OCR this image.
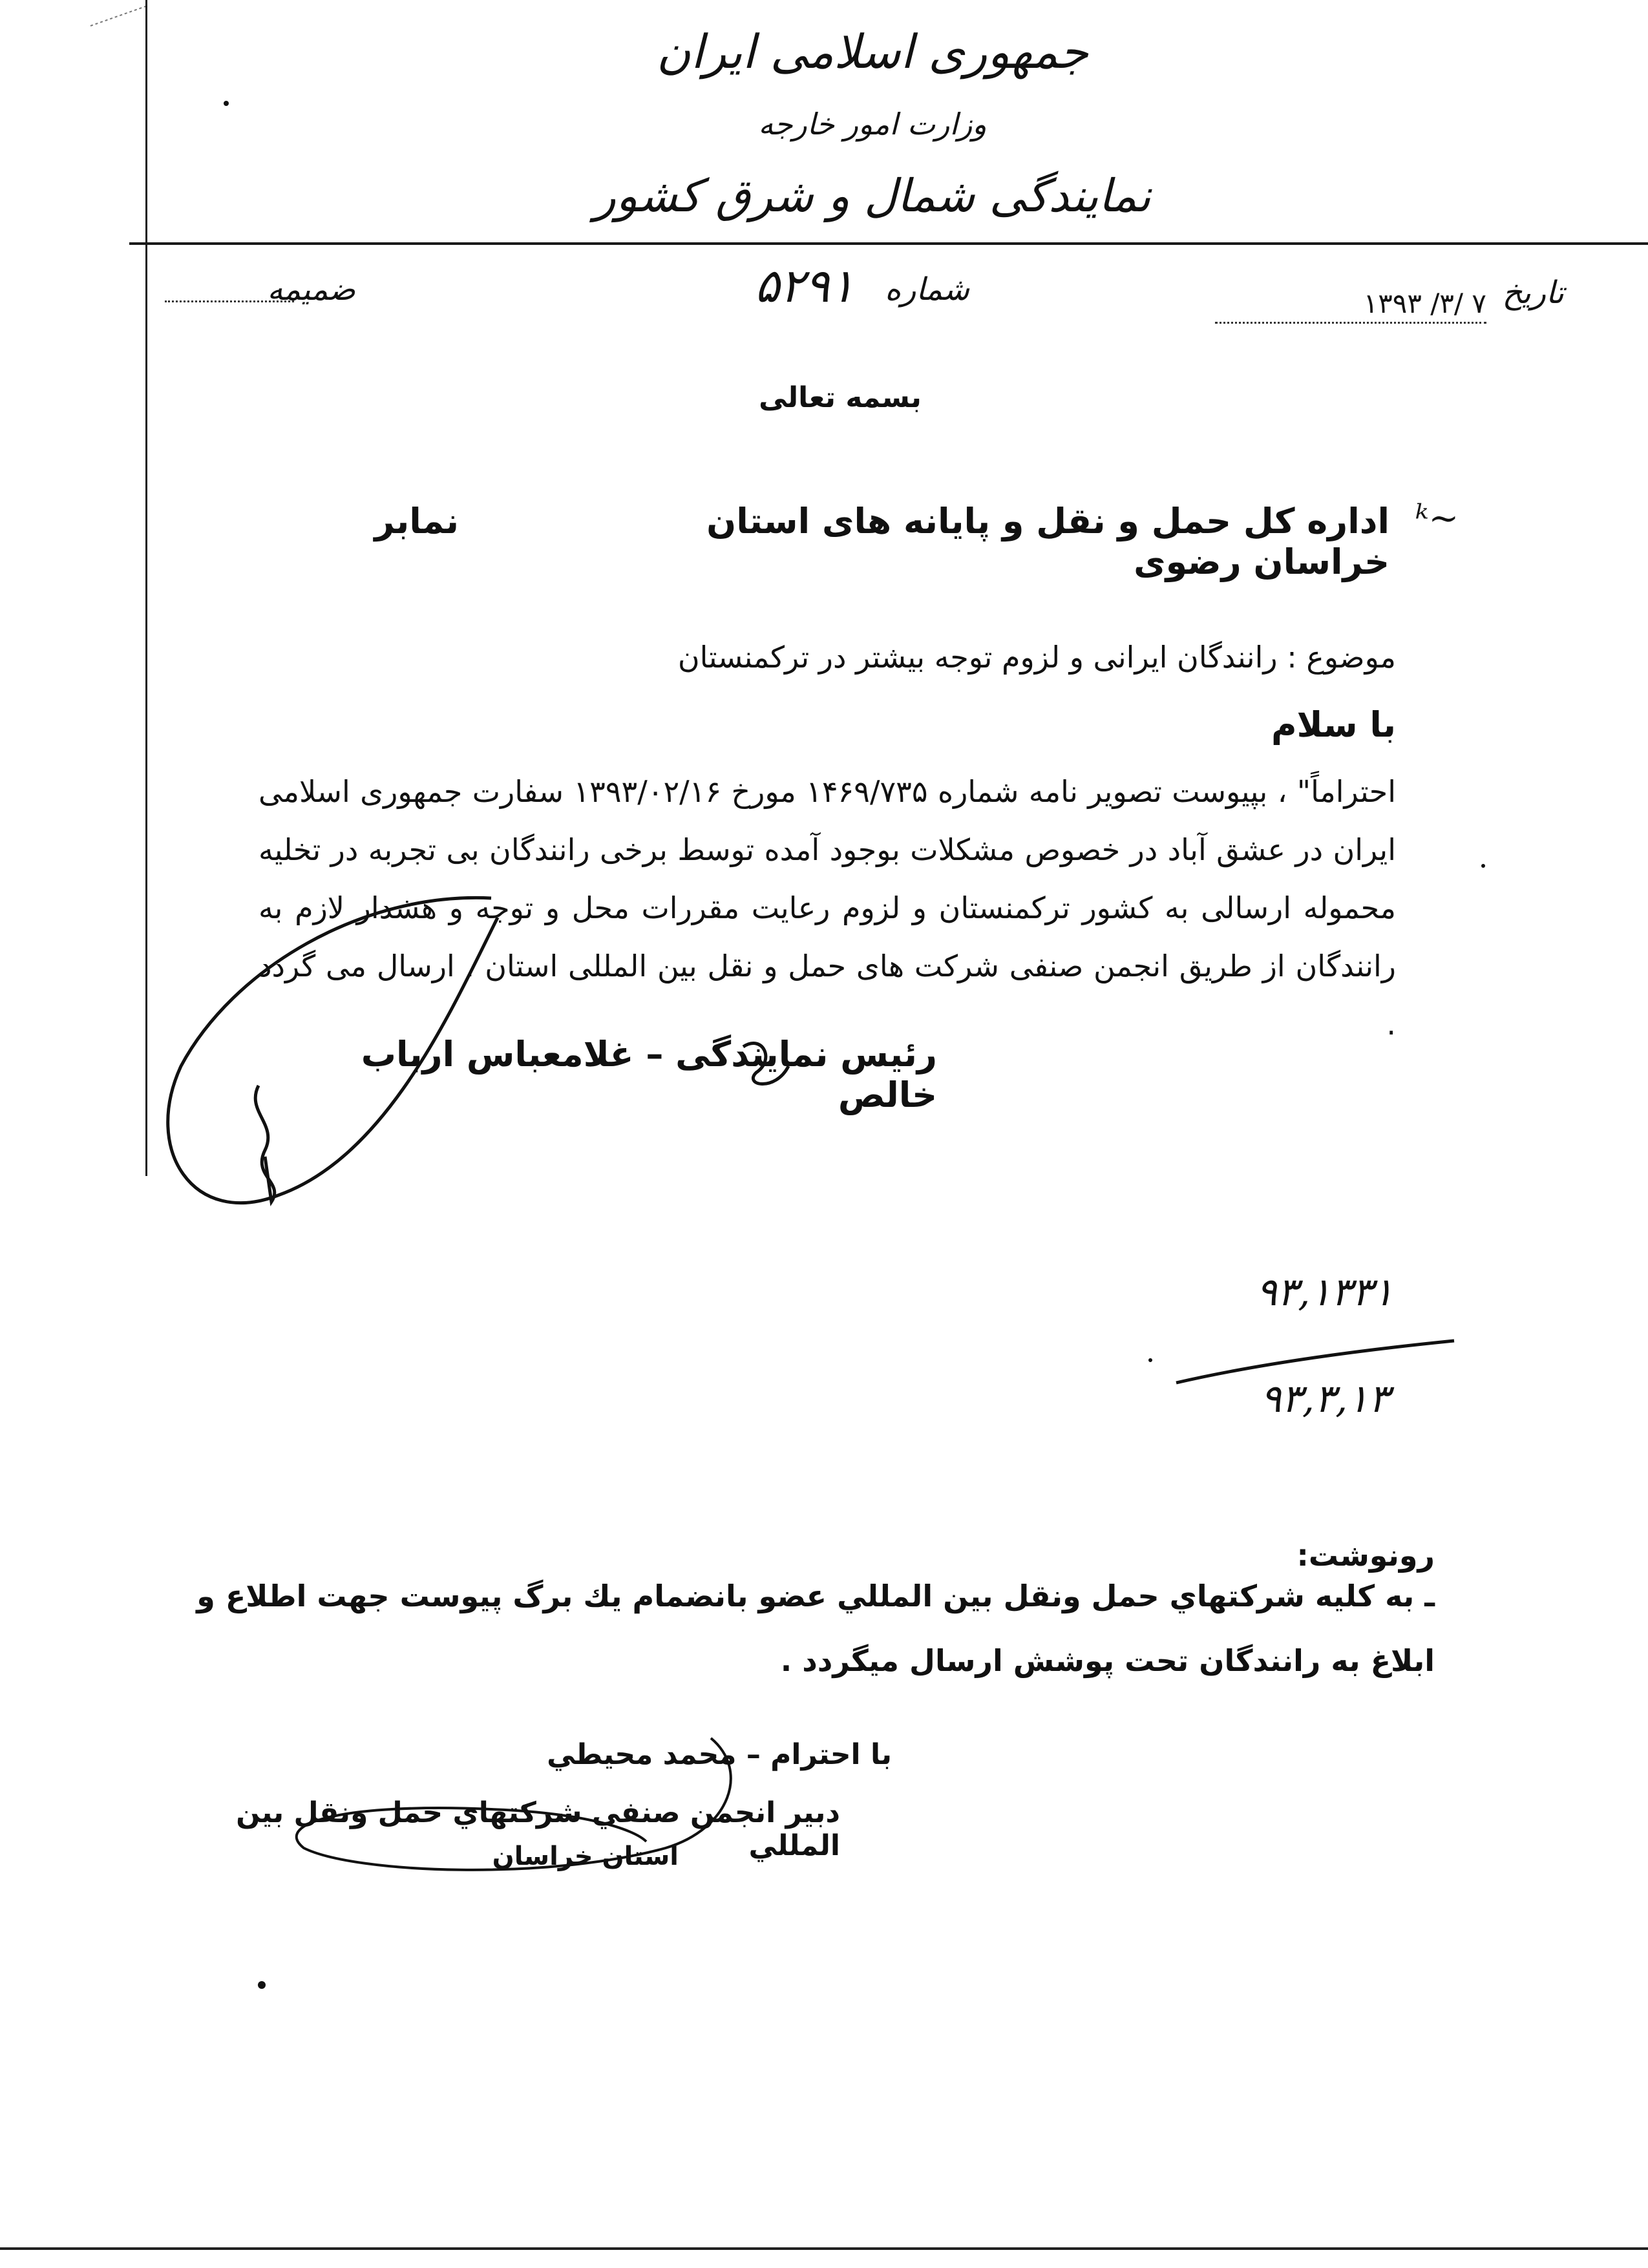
جمهوری اسلامی ایران
وزارت امور خارجه
نمایندگی شمال و شرق کشور
تاریخ
۱۳۹۳ /۳/ ۷
شماره
۵۲۹۱
ضمیمه
بسمه تعالی
اداره کل حمل و نقل و پایانه های استان خراسان رضوی
ᵏ~
نمابر
موضوع : رانندگان ایرانی و لزوم توجه بیشتر در ترکمنستان
با سلام
احتراماً" ، بپیوست تصویر نامه شماره ۱۴۶۹/۷۳۵ مورخ ۱۳۹۳/۰۲/۱۶ سفارت جمهوری اسلامی ایران در عشق آباد در خصوص مشکلات بوجود آمده توسط برخی رانندگان بی تجربه در تخلیه محموله ارسالی به کشور ترکمنستان و لزوم رعایت مقررات محل و توجه و هشدار لازم به رانندگان از طریق انجمن صنفی شرکت های حمل و نقل بین المللی استان ، ارسال می گردد .
رئیس نمایندگی – غلامعباس ارباب خالص
۹۳,۱۳۳۱
۹۳,۳,۱۳
رونوشت:
ـ به كليه شركتهاي حمل ونقل بين المللي عضو بانضمام يك برگ پيوست جهت اطلاع و ابلاغ به رانندگان تحت پوشش ارسال ميگردد .
با احترام – محمد محيطي
دبير انجمن صنفي شركتهاي حمل ونقل بين المللي
استان خراسان
